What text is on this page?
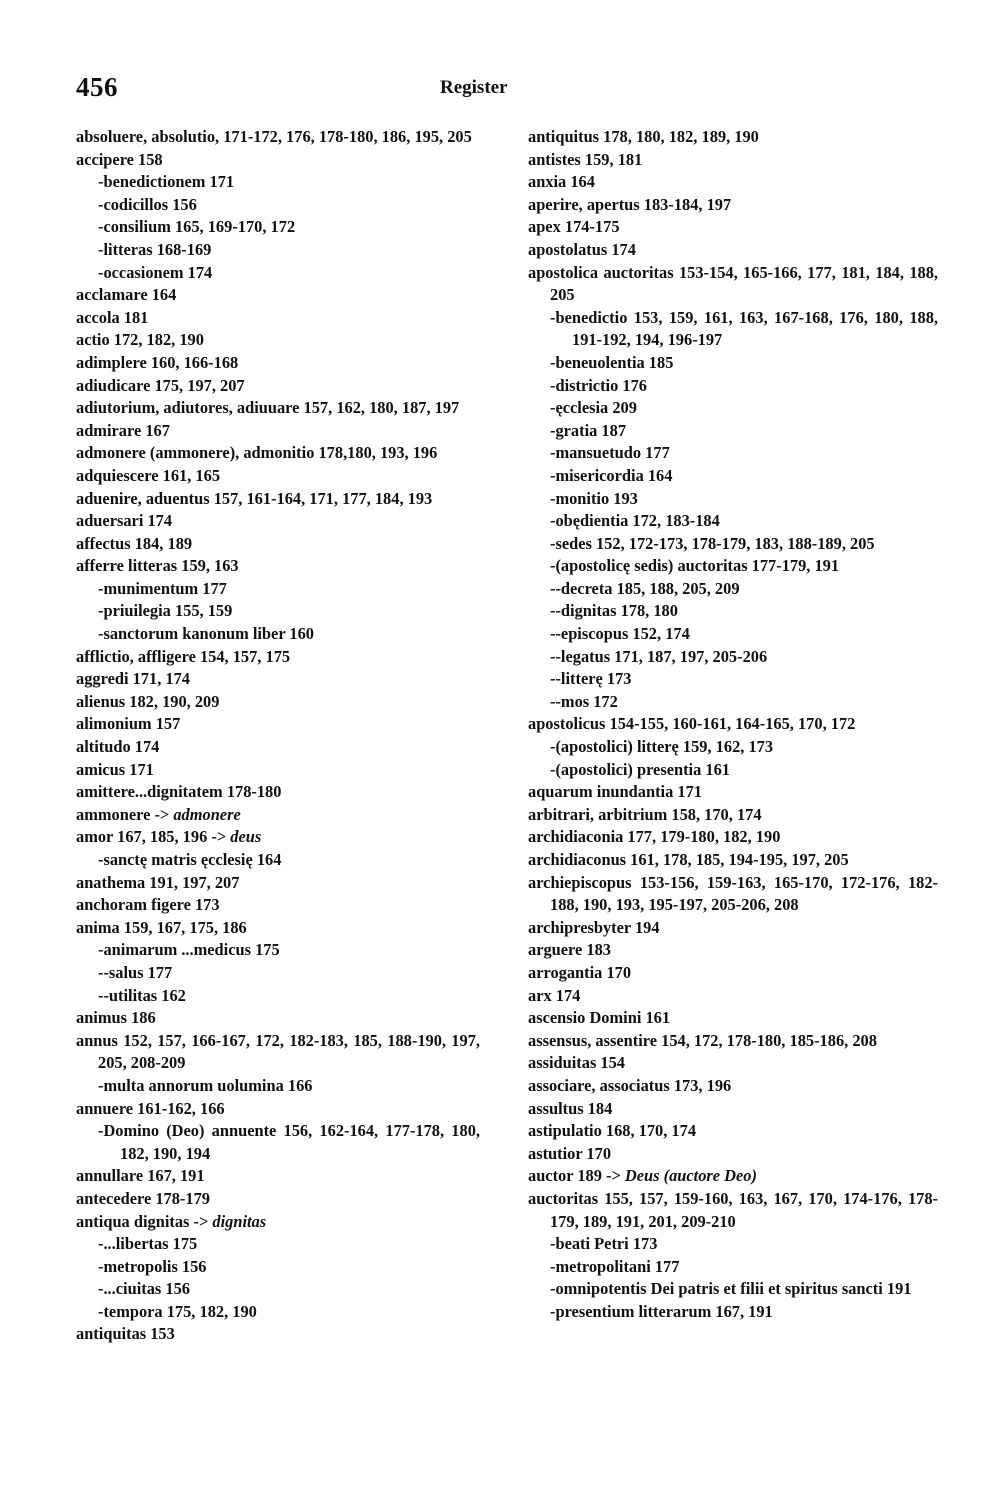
456	Register
absoluere, absolutio, 171-172, 176, 178-180, 186, 195, 205
accipere 158
-benedictionem 171
-codicillos 156
-consilium 165, 169-170, 172
-litteras 168-169
-occasionem 174
acclamare 164
accola 181
actio 172, 182, 190
adimplere 160, 166-168
adiudicare 175, 197, 207
adiutorium, adiutores, adiuuare 157, 162, 180, 187, 197
admirare 167
admonere (ammonere), admonitio 178,180, 193, 196
adquiescere 161, 165
aduenire, aduentus 157, 161-164, 171, 177, 184, 193
aduersari 174
affectus 184, 189
afferre litteras 159, 163
-munimentum 177
-priuilegia 155, 159
-sanctorum kanonum liber 160
afflictio, affligere 154, 157, 175
aggredi 171, 174
alienus 182, 190, 209
alimonium 157
altitudo 174
amicus 171
amittere...dignitatem 178-180
ammonere -> admonere
amor 167, 185, 196 -> deus
-sanctę matris ęcclesię 164
anathema 191, 197, 207
anchoram figere 173
anima 159, 167, 175, 186
-animarum ...medicus 175
--salus 177
--utilitas 162
animus 186
annus 152, 157, 166-167, 172, 182-183, 185, 188-190, 197, 205, 208-209
-multa annorum uolumina 166
annuere 161-162, 166
-Domino (Deo) annuente 156, 162-164, 177-178, 180, 182, 190, 194
annullare 167, 191
antecedere 178-179
antiqua dignitas -> dignitas
-...libertas 175
-metropolis 156
-...ciuitas 156
-tempora 175, 182, 190
antiquitas 153
antiquitus 178, 180, 182, 189, 190
antistes 159, 181
anxia 164
aperire, apertus 183-184, 197
apex 174-175
apostolatus 174
apostolica auctoritas 153-154, 165-166, 177, 181, 184, 188, 205
-benedictio 153, 159, 161, 163, 167-168, 176, 180, 188, 191-192, 194, 196-197
-beneuolentia 185
-districtio 176
-ęcclesia 209
-gratia 187
-mansuetudo 177
-misericordia 164
-monitio 193
-obędientia 172, 183-184
-sedes 152, 172-173, 178-179, 183, 188-189, 205
-(apostolicę sedis) auctoritas 177-179, 191
--decreta 185, 188, 205, 209
--dignitas 178, 180
--episcopus 152, 174
--legatus 171, 187, 197, 205-206
--litterę 173
--mos 172
apostolicus 154-155, 160-161, 164-165, 170, 172
-(apostolici) litterę 159, 162, 173
-(apostolici) presentia 161
aquarum inundantia 171
arbitrari, arbitrium 158, 170, 174
archidiaconia 177, 179-180, 182, 190
archidiaconus 161, 178, 185, 194-195, 197, 205
archiepiscopus 153-156, 159-163, 165-170, 172-176, 182-188, 190, 193, 195-197, 205-206, 208
archipresbyter 194
arguere 183
arrogantia 170
arx 174
ascensio Domini 161
assensus, assentire 154, 172, 178-180, 185-186, 208
assiduitas 154
associare, associatus 173, 196
assultus 184
astipulatio 168, 170, 174
astutior 170
auctor 189 -> Deus (auctore Deo)
auctoritas 155, 157, 159-160, 163, 167, 170, 174-176, 178-179, 189, 191, 201, 209-210
-beati Petri 173
-metropolitani 177
-omnipotentis Dei patris et filii et spiritus sancti 191
-presentium litterarum 167, 191
